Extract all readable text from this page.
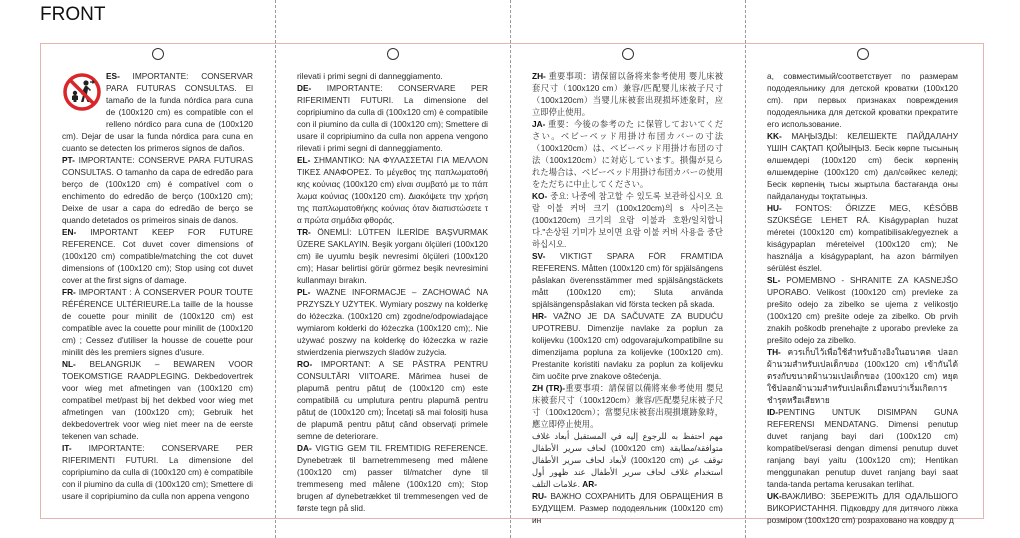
FRONT

ES- IMPORTANTE: CONSERVAR PARA FUTURAS CONSULTAS. El tamaño de la funda nórdica para cuna de (100x120 cm) es compatible con el relleno nórdico para cuna de (100x120 cm). Dejar de usar la funda nórdica para cuna en cuanto se detecten los primeros signos de daños.

PT- IMPORTANTE: CONSERVE PARA FUTURAS CONSULTAS. O tamanho da capa de edredão para berço de (100x120 cm) é compatível com o enchimento do edredão de berço (100x120 cm); Deixe de usar a capa do edredão de berço se quando detetados os primeiros sinais de danos.

EN- IMPORTANT KEEP FOR FUTURE REFERENCE. Cot duvet cover dimensions of (100x120 cm) compatible/matching the cot duvet dimensions of (100x120 cm); Stop using cot duvet cover at the first signs of damage.

FR- IMPORTANT : À CONSERVER POUR TOUTE RÉFÉRENCE ULTÉRIEURE.La taille de la housse de couette pour minilit de (100x120 cm) est compatible avec la couette pour minilit de (100x120 cm) ; Cessez d'utiliser la housse de couette pour minilit dès les premiers signes d'usure.

NL- BELANGRIJK – BEWAREN VOOR TOEKOMSTIGE RAADPLEGING. Dekbedovertrek voor wieg met afmetingen van (100x120 cm) compatibel met/past bij het dekbed voor wieg met afmetingen van (100x120 cm); Gebruik het dekbedovertrek voor wieg niet meer na de eerste tekenen van schade.

IT- IMPORTANTE: CONSERVARE PER RIFERIMENTI FUTURI. La dimensione del copripiumino da culla di (100x120 cm) è compatibile con il piumino da culla di (100x120 cm); Smettere di usare il copripiumino da culla non appena vengono

rilevati i primi segni di danneggiamento.

DE- IMPORTANTE: CONSERVARE PER RIFERIMENTI FUTURI. La dimensione del copripiumino da culla di (100x120 cm) è compatibile con il piumino da culla di (100x120 cm); Smettere di usare il copripiumino da culla non appena vengono rilevati i primi segni di danneggiamento.

EL- ΣΗΜΑΝΤΙΚΟ: ΝΑ ΦΥΛΑΣΣΕΤΑΙ ΓΙΑ ΜΕΛΛΟΝ ΤΙΚΕΣ ΑΝΑΦΟΡΕΣ. Το μέγεθος της παπλωματοθή κης κούνιας (100x120 cm) είναι συμβατό με το πάπ λωμα κούνιας (100x120 cm). Διακόψετε την χρήση της παπλωματοθήκης κούνιας όταν διαπιστώσετε τ α πρώτα σημάδια φθοράς.

TR- ÖNEMLİ: LÜTFEN İLERİDE BAŞVURMAK ÜZERE SAKLAYIN. Beşik yorganı ölçüleri (100x120 cm) ile uyumlu beşik nevresimi ölçüleri (100x120 cm); Hasar belirtisi görür görmez beşik nevresimini kullanmayı bırakın.

PL- WAŻNE INFORMACJE – ZACHOWAĆ NA PRZYSZŁY UŻYTEK. Wymiary poszwy na kołderkę do łóżeczka. (100x120 cm) zgodne/odpowiadające wymiarom kołderki do łóżeczka (100x120 cm);. Nie używać poszwy na kołderkę do łóżeczka w razie stwierdzenia pierwszych śladów zużycia.

RO- IMPORTANT: A SE PĂSTRA PENTRU CONSULTĂRI VIITOARE. Mărimea husei de plapumă pentru pătuț de (100x120 cm) este compatibilă cu umplutura pentru plapumă pentru pătuț de (100x120 cm); Încetați să mai folosiți husa de plapumă pentru pătuț când observați primele semne de deteriorare.

DA- VIGTIG GEM TIL FREMTIDIG REFERENCE. Dynebetræk til barnetremmeseng med målene (100x120 cm) passer til/matcher dyne til tremmeseng med målene (100x120 cm); Stop brugen af dynebetrækket til tremmesengen ved de første tegn på slid.

ZH- 重要事项：请保留以备将来参考使用 婴儿床被套尺寸（100x120 cm）兼容/匹配婴儿床被子尺寸（100x120cm）当婴儿床被套出现损坏迹象时，应立即停止使用。

JA- 重要：今後の参考のた に保管しておいてください。ベビーベッド用掛け布団カバーの寸法（100x120cm）は、ベビーベッド用掛け布団の寸法（100x120cm）に対応しています。損傷が見られた場合は、ベビーベッド用掛け布団カバーの使用をただちに中止してください。

KO- 중요: 나중에 참고할 수 있도록 보관하십시오 요람 이불 커버 크기 (100x120cm)의 s 사이즈는 (100x120cm) 크기의 요람 이불과 호환/일치합니다."손상된 기미가 보이면 요람 이불 커버 사용을 중단하십시오.

SV- VIKTIGT SPARA FÖR FRAMTIDA REFERENS. Måtten (100x120 cm) för spjälsängens påslakan överensstämmer med spjälsängstäckets mått (100x120 cm); Sluta använda spjälsängenspåslakan vid första tecken på skada.

HR- VAŽNO JE DA SAČUVATE ZA BUDUĆU UPOTREBU. Dimenzije navlake za poplun za kolijevku (100x120 cm) odgovaraju/kompatibilne su dimenzijama popluna za kolijevke (100x120 cm). Prestanite koristiti navlaku za poplun za kolijevku čim uočite prve znakove oštećenja.

ZH (TR)-重要事項：請保留以備將來參考使用 嬰兒床被套尺寸（100x120cm）兼容/匹配嬰兒床被子尺寸（100x120cm）；當嬰兒床被套出現損壞跡象時，應立即停止使用。

مهم احتفظ به للرجوع إليه في المستقبل أبعاد غلاف لحاف سرير الأطفال (100x120 cm) متوافقة/مطابقة لأبعاد لحاف سرير الأطفال (100x120 cm) توقف عن استخدام غلاف لحاف سرير الأطفال عند ظهور أول علامات التلف. AR-

RU- ВАЖНО СОХРАНИТЬ ДЛЯ ОБРАЩЕНИЯ В БУДУЩЕМ. Размер пододеяльник (100x120 cm) ин

а, совместимый/соответствует по размерам пододеяльнику для детской кроватки (100x120 cm). при первых признаках повреждения пододеяльника для детской кроватки прекратите его использование.

KK- МАҢЫЗДЫ: КЕЛЕШЕКТЕ ПАЙДАЛАНУ ҮШІН САҚТАП ҚОЙЫҢЫЗ. Бесік көрпе тысының өлшемдері (100x120 cm) бесік көрпенің өлшемдеріне (100x120 cm) дал/сәйкес келеді; Бесік көрпенің тысы жыртыла бастағанда оны пайдалануды тоқтатыңыз.

HU- FONTOS: ŐRIZZE MEG, KÉSŐBB SZÜKSÉGE LEHET RÁ. Kiságypaplan huzat méretei (100x120 cm) kompatibilisak/egyeznek a kiságypaplan méreteivel (100x120 cm); Ne használja a kiságypaplant, ha azon bármilyen sérülést észlel.

SL- POMEMBNO - SHRANITE ZA KASNEJŠO UPORABO. Velikost (100x120 cm) prevleke za prešito odejo za zibelko se ujema z velikostjo (100x120 cm) prešite odeje za zibelko. Ob prvih znakih poškodb prenehajte z uporabo prevleke za prešito odejo za zibelko.

TH- ควรเก็บไว้เพื่อใช้สำหรับอ้างอิงในอนาคต ปลอกผ้านวมสำหรับเปลเด็กของ (100x120 cm) เข้ากันได้ตรงกับขนาดผ้านวมเปลเด็กของ (100x120 cm) หยุดใช้ปลอกผ้านวมสำหรับเปลเด็กเมื่อพบว่าเริ่มเกิดการชำรุดหรือเสียหาย

ID-PENTING UNTUK DISIMPAN GUNA REFERENSI MENDATANG. Dimensi penutup duvet ranjang bayi dari (100x120 cm) kompatibel/serasi dengan dimensi penutup duvet ranjang bayi yaitu (100x120 cm); Hentikan menggunakan penutup duvet ranjang bayi saat tanda-tanda pertama kerusakan terlihat.

UK-ВАЖЛИВО: ЗБЕРЕЖІТЬ ДЛЯ ОДАЛЬШОГО ВИКОРИСТАННЯ. Підковдру для дитячого ліжка розміром (100x120 cm) розраховано на ковдру д
